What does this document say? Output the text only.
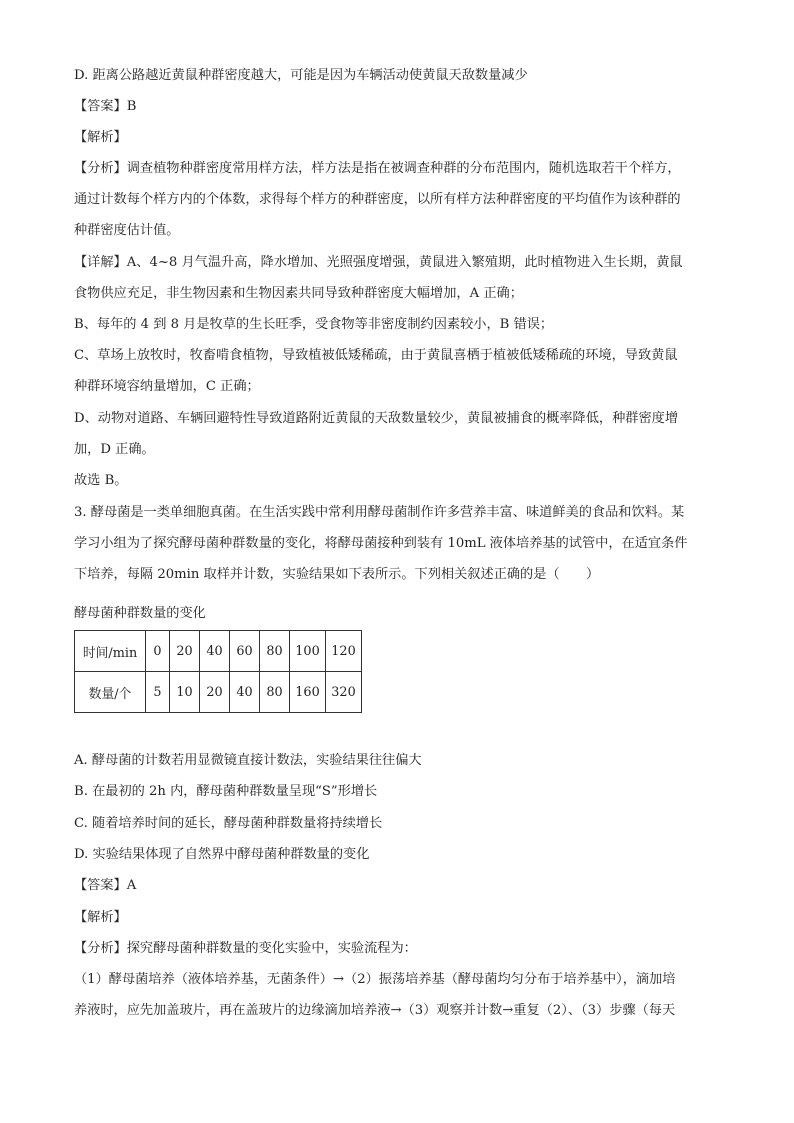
D. 距离公路越近黄鼠种群密度越大，可能是因为车辆活动使黄鼠天敌数量减少
【答案】B
【解析】
【分析】调查植物种群密度常用样方法，样方法是指在被调查种群的分布范围内，随机选取若干个样方，
通过计数每个样方内的个体数，求得每个样方的种群密度，以所有样方法种群密度的平均值作为该种群的
种群密度估计值。
【详解】A、4~8 月气温升高，降水增加、光照强度增强，黄鼠进入繁殖期，此时植物进入生长期，黄鼠
食物供应充足，非生物因素和生物因素共同导致种群密度大幅增加，A 正确；
B、每年的 4 到 8 月是牧草的生长旺季，受食物等非密度制约因素较小，B 错误；
C、草场上放牧时，牧畜啃食植物，导致植被低矮稀疏，由于黄鼠喜栖于植被低矮稀疏的环境，导致黄鼠
种群环境容纳量增加，C 正确；
D、动物对道路、车辆回避特性导致道路附近黄鼠的天敌数量较少，黄鼠被捕食的概率降低，种群密度增
加，D 正确。
故选 B。
3. 酵母菌是一类单细胞真菌。在生活实践中常利用酵母菌制作许多营养丰富、味道鲜美的食品和饮料。某
学习小组为了探究酵母菌种群数量的变化，将酵母菌接种到装有 10mL 液体培养基的试管中，在适宜条件
下培养，每隔 20min 取样并计数，实验结果如下表所示。下列相关叙述正确的是（　　）
酵母菌种群数量的变化
时间/min	0	20	40	60	80	100	120
数量/个	5	10	20	40	80	160	320
A. 酵母菌的计数若用显微镜直接计数法，实验结果往往偏大
B. 在最初的 2h 内，酵母菌种群数量呈现“S”形增长
C. 随着培养时间的延长，酵母菌种群数量将持续增长
D. 实验结果体现了自然界中酵母菌种群数量的变化
【答案】A
【解析】
【分析】探究酵母菌种群数量的变化实验中，实验流程为：
（1）酵母菌培养（液体培养基，无菌条件）→（2）振荡培养基（酵母菌均匀分布于培养基中），滴加培
养液时，应先加盖玻片，再在盖玻片的边缘滴加培养液→（3）观察并计数→重复（2）、（3）步骤（每天
